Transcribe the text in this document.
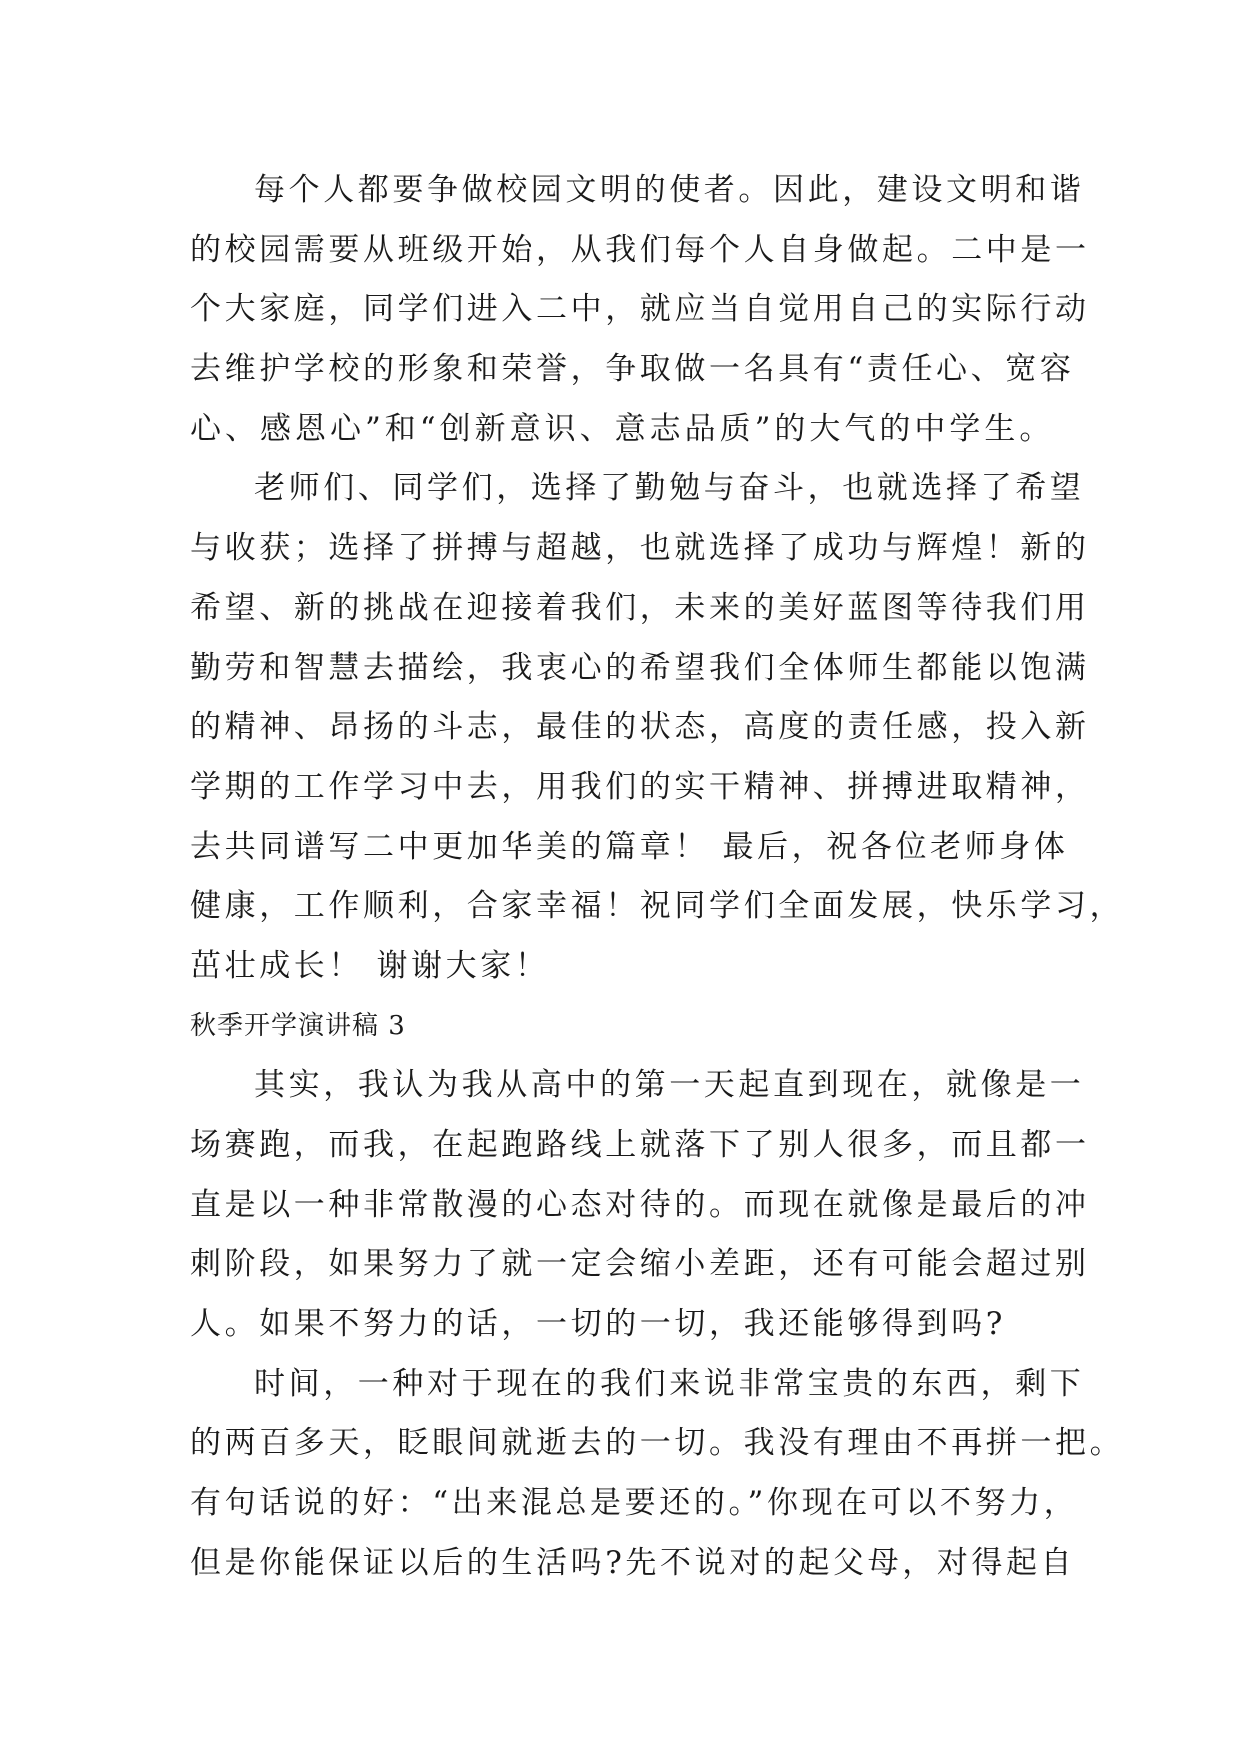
每个人都要争做校园文明的使者。因此，建设文明和谐
的校园需要从班级开始，从我们每个人自身做起。二中是一
个大家庭，同学们进入二中，就应当自觉用自己的实际行动
去维护学校的形象和荣誉，争取做一名具有“责任心、宽容
心、感恩心”和“创新意识、意志品质”的大气的中学生。
老师们、同学们，选择了勤勉与奋斗，也就选择了希望
与收获；选择了拼搏与超越，也就选择了成功与辉煌！新的
希望、新的挑战在迎接着我们，未来的美好蓝图等待我们用
勤劳和智慧去描绘，我衷心的希望我们全体师生都能以饱满
的精神、昂扬的斗志，最佳的状态，高度的责任感，投入新
学期的工作学习中去，用我们的实干精神、拼搏进取精神，
去共同谱写二中更加华美的篇章！ 最后，祝各位老师身体
健康，工作顺利，合家幸福！祝同学们全面发展，快乐学习，
茁壮成长！ 谢谢大家！
秋季开学演讲稿 3
其实，我认为我从高中的第一天起直到现在，就像是一
场赛跑，而我，在起跑路线上就落下了别人很多，而且都一
直是以一种非常散漫的心态对待的。而现在就像是最后的冲
刺阶段，如果努力了就一定会缩小差距，还有可能会超过别
人。如果不努力的话，一切的一切，我还能够得到吗?
时间，一种对于现在的我们来说非常宝贵的东西，剩下
的两百多天，眨眼间就逝去的一切。我没有理由不再拼一把。
有句话说的好：“出来混总是要还的。”你现在可以不努力，
但是你能保证以后的生活吗?先不说对的起父母，对得起自
